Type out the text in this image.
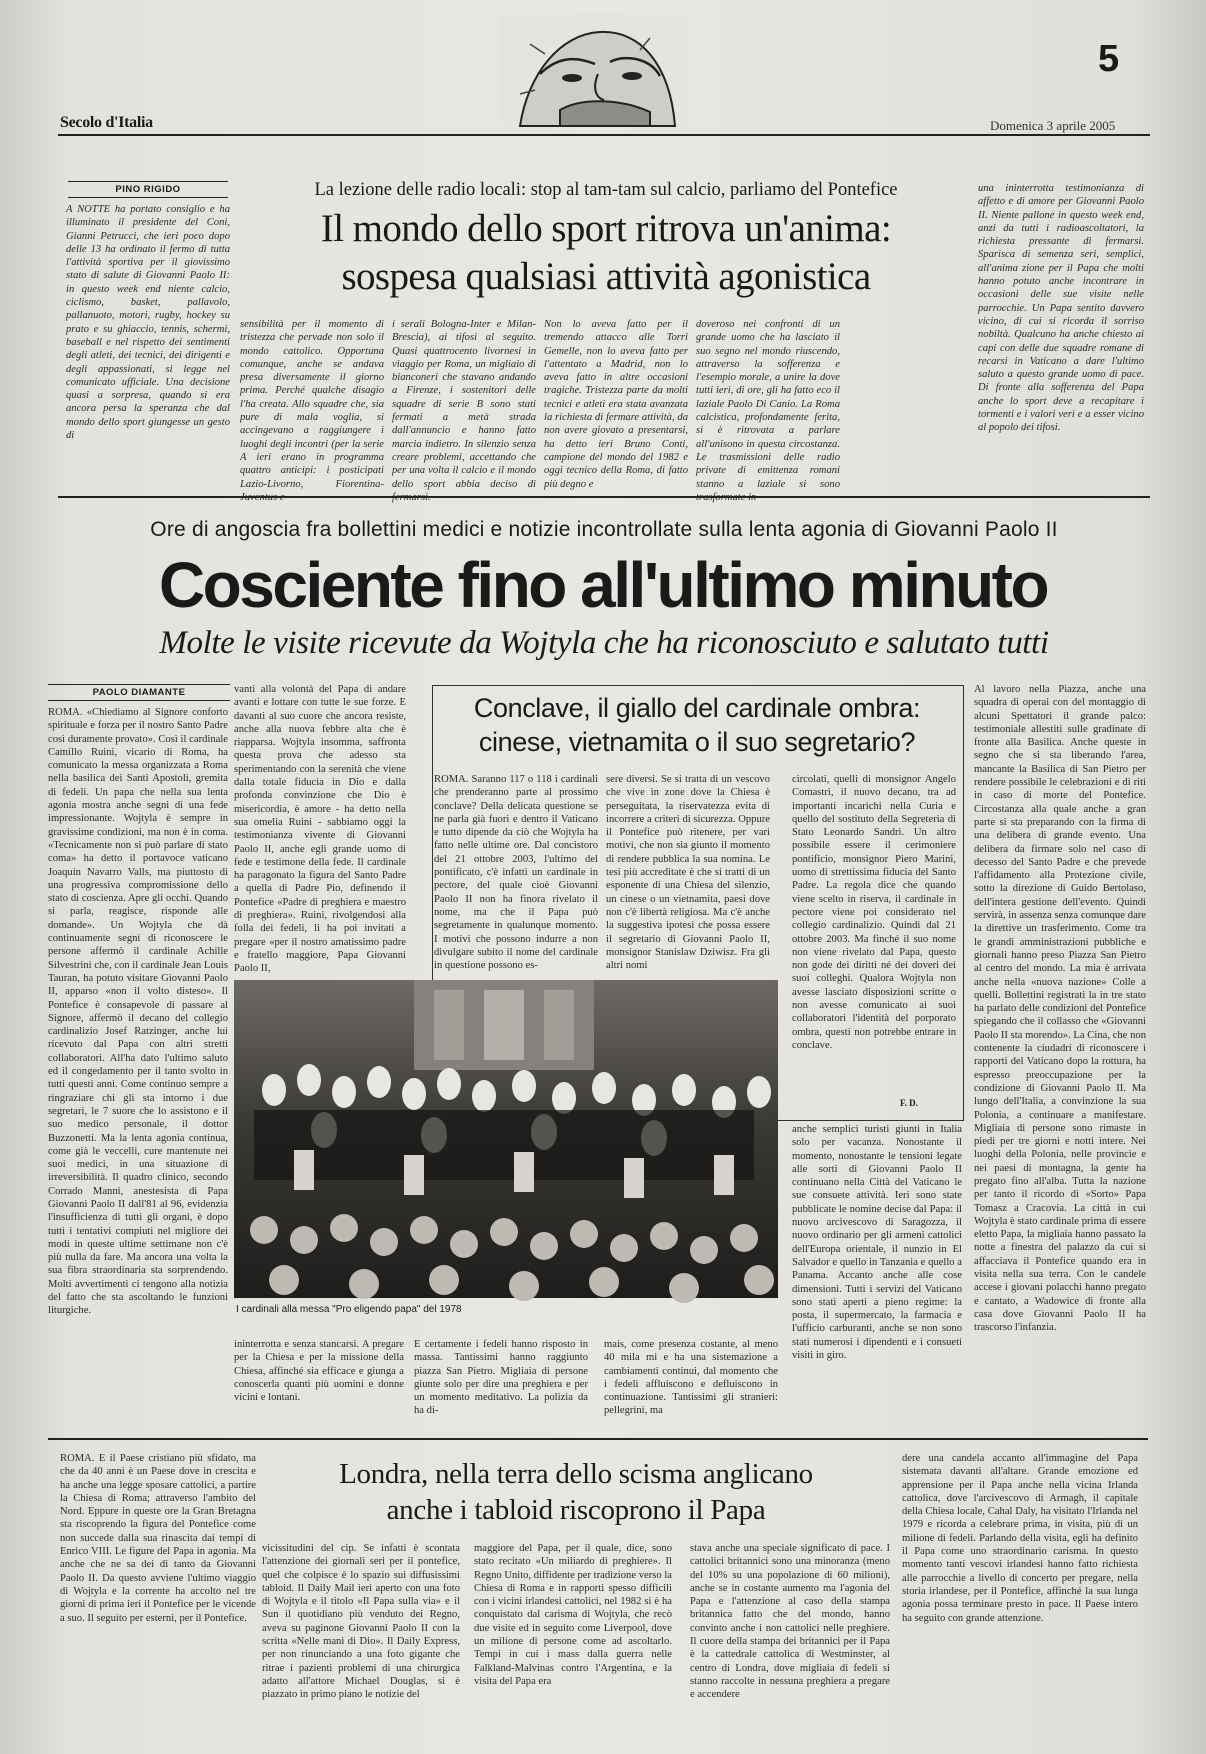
5
Secolo d'Italia	Domenica 3 aprile 2005
PINO RIGIDO
A NOTTE ha portato consiglio e ha illuminato il presidente del Coni, Gianni Petrucci, che ieri poco dopo delle 13 ha ordinato il fermo di tutta l'attività sportiva per il giovissimo stato di salute di Giovanni Paolo II: in questo week end niente calcio, ciclismo, basket, pallavolo, pallanuoto, motori, rugby, hockey su prato e su ghiaccio, tennis, schermi, baseball e nel rispetto dei sentimenti degli atleti, dei tecnici, dei dirigenti e degli appassionati, si legge nel comunicato ufficiale. Una decisione quasi a sorpresa, quando si era ancora persa la speranza che dal mondo dello sport giungesse un gesto di
La lezione delle radio locali: stop al tam-tam sul calcio, parliamo del Pontefice
Il mondo dello sport ritrova un'anima:
sospesa qualsiasi attività agonistica
sensibilità per il momento di tristezza che pervade non solo il mondo cattolico. Opportuna comunque, anche se andava presa diversamente il giorno prima. Perché qualche disagio l'ha creata. Allo squadre che, sia pure di mala voglia, si accingevano a raggiungere i luoghi degli incontri (per la serie A ieri erano in programma quattro anticipi: i posticipati Lazio-Livorno, Fiorentina-
i serali Bologna-Inter e Milan-Brescia), ai tifosi al seguito. Quasi quattrocento livornesi in viaggio per Roma, un migliaio di bianconeri che stavano andando a Firenze, i sostenitori delle squadre di serie B sono stati fermati a metà strada dall'annuncio e hanno fatto marcia indietro. In silenzio senza creare problemi, accettando che per una volta il calcio e il mondo dello sport abbia deciso di
Non lo aveva fatto per il tremendo attacco alle Torri Gemelle, non lo aveva fatto per l'attentato a Madrid, non lo aveva fatto in altre occasioni tragiche. Tristezza parte da molti tecnici e atleti era stata avanzata la richiesta di fermare attività, da non avere giovato a presentarsi, ha detto ieri Bruno Conti, campione del mondo del 1982 e oggi tecnico della Roma, di fatto più degno e
doveroso nei confronti di un grande uomo che ha lasciato il suo segno nel mondo riuscendo, attraverso la sofferenza e l'esempio morale, a unire la dove tutti ieri, di ore, gli ha fatto eco il laziale Paolo Di Canio. La Roma calcistica, profondamente ferita, si è ritrovata a parlare all'unisono in questa circostanza. Le trasmissioni delle radio private di emittenza romani stanno a laziale si sono
una ininterrotta testimonianza di affetto e di amore per Giovanni Paolo II. Niente pallone in questo week end, anzi da tutti i radioascoltatori, la richiesta pressante di fermarsi. Sparisca di semenza seri, semplici, all'anima zione per il Papa che molti hanno potuto anche incontrare in occasioni delle sue visite nelle parrocchie. Un Papa sentito davvero vicino, di cui si ricorda il sorriso nobiltà. Qualcuno ha anche chiesto ai capi con delle due squadre romane di recarsi in Vaticano a dare l'ultimo saluto a questo grande uomo di pace. Di fronte alla sofferenza del Papa anche lo sport deve a recapitare i tormenti e i valori veri e a esser vicino al popolo dei tifosi.
Ore di angoscia fra bollettini medici e notizie incontrollate sulla lenta agonia di Giovanni Paolo II
Cosciente fino all'ultimo minuto
Molte le visite ricevute da Wojtyla che ha riconosciuto e salutato tutti
PAOLO DIAMANTE
ROMA. «Chiediamo al Signore conforto spirituale e forza per il nostro Santo Padre così duramente provato». Così il cardinale Camillo Ruini, vicario di Roma, ha comunicato la messa organizzata a Roma nella basilica dei Santi Apostoli, gremita di fedeli. Un papa che nella sua lenta agonia mostra anche segni di una fede impressionante. Wojtyla è sempre in gravissime condizioni, ma non è in coma. «Tecnicamente non si può parlare di stato coma» ha detto il portavoce vaticano Joaquin Navarro Valls, ma piuttosto di una progressiva compromissione dello stato di coscienza. Apre gli occhi. Quando si parla, reagisce, risponde alle domande». Un Wojtyla che dà continuamente segni di riconoscere le persone affermò il cardinale Achille Silvestrini che, con il cardinale Jean Louis Tauran, ha potuto visitare Giovanni Paolo II, apparso «non il volto disteso». Il Pontefice è consapevole di passare al Signore, affermò il decano del collegio cardinalizio Josef Ratzinger, anche lui ricevuto dal Papa con altri stretti collaboratori. All'ha dato l'ultimo saluto ed il congedamento per il tanto svolto in tutti questi anni. Come continuo sempre a ringraziare chi gli sta intorno i due segretari, le 7 suore che lo assistono e il suo medico personale, il dottor Buzzonetti. Ma la lenta agonia continua, come già le veccelli, cure mantenute nei suoi medici, in una situazione di irreversibilità. Il quadro clinico, secondo Corrado Manni, anestesista di Papa Giovanni Paolo II dall'81 al 96, evidenzia l'insufficienza di tutti gli organi, è dopo tutti i tentativi compiuti nel migliore dei modi in queste ultime settimane non c'è più nulla da fare. Ma ancora una volta la sua fibra straordinaria sta sorprendendo. Molti avvertimenti ci tengono alla notizia del fatto che sta ascoltando le funzioni liturgiche.
vanti alla volontà del Papa di andare avanti e lottare con tutte le sue forze. E davanti al suo cuore che ancora resiste, anche alla nuova febbre alta che è riapparsa. Wojtyla insomma, saffronta questa prova che adesso sta sperimentando con la serenità che viene dalla totale fiducia in Dio e dalla profonda convinzione che Dio è misericordia, è amore - ha detto nella sua omelia Ruini - sabbiamo oggi la testimonianza vivente di Giovanni Paolo II, anche egli grande uomo di fede e testimone della fede. Il cardinale ha paragonato la figura del Santo Padre a quella di Padre Pio, definendo il Pontefice «Padre di preghiera e maestro di preghiera». Ruini, rivolgendosi alla folla dei fedeli, li ha poi invitati a pregare «per il nostro amatissimo padre e fratello maggiore, Papa Giovanni Paolo II,
Conclave, il giallo del cardinale ombra:
cinese, vietnamita o il suo segretario?
ROMA. Saranno 117 o 118 i cardinali che prenderanno parte al prossimo conclave? Della delicata questione se ne parla già fuori e dentro il Vaticano e tutto dipende da ciò che Wojtyla ha fatto nelle ultime ore. Dal concistoro del 21 ottobre 2003, l'ultimo del pontificato, c'è infatti un cardinale in pectore, del quale cioè Giovanni Paolo II non ha finora rivelato il nome, ma che il Papa può segretamente in qualunque momento. I motivi che possono indurre a non divulgare subito il nome del cardinale in questione possono es-
sere diversi. Se si tratta di un vescovo che vive in zone dove la Chiesa è perseguitata, la riservatezza evita di incorrere a criteri di sicurezza. Oppure il Pontefice può ritenere, per vari motivi, che non sia giunto il momento di rendere pubblica la sua nomina. Le tesi più accreditate è che si tratti di un esponente di una Chiesa del silenzio, un cinese o un vietnamita, paesi dove non c'è libertà religiosa. Ma c'è anche la suggestiva ipotesi che possa essere il segretario di Giovanni Paolo II, monsignor Stanislaw Dziwisz. Fra gli altri nomi
circolati, quelli di monsignor Angelo Comastri, il nuovo decano, tra ad importanti incarichi nella Curia e quello del sostituto della Segreteria di Stato Leonardo Sandri. Un altro possibile essere il cerimoniere pontificio, monsignor Piero Marini, uomo di strettissima fiducia del Santo Padre. La regola dice che quando viene scelto in riserva, il cardinale in pectore viene poi considerato nel collegio cardinalizio. Quindi dal 21 ottobre 2003. Ma finché il suo nome non viene rivelato dal Papa, questo non gode dei diritti né dei doveri dei suoi colleghi. Qualora Wojtyla non avesse lasciato disposizioni scritte o non avesse comunicato ai suoi collaboratori l'identità del porporato ombra, questi non potrebbe entrare in conclave.
F. D.
I cardinali alla messa "Pro eligendo papa" del 1978
anche semplici turisti giunti in Italia solo per vacanza. Nonostante il momento, nonostante le tensioni legate alle sorti di Giovanni Paolo II continuano nella Città del Vaticano le sue consuete attività. Ieri sono state pubblicate le nomine decise dal Papa: il nuovo arcivescovo di Saragozza, il nuovo ordinario per gli armeni cattolici dell'Europa orientale, il nunzio in El Salvador e quello in Tanzania e quello a Panama. Accanto anche alle cose dimensioni. Tutti i servizi del Vaticano sono stati aperti a pieno regime: la posta, il supermercato, la farmacia e l'ufficio carburanti, anche se non sono stati numerosi i dipendenti e i consueti visiti in giro.
Al lavoro nella Piazza, anche una squadra di operai con del montaggio di alcuni Spettatori il grande palco: testimoniale allestiti sulle gradinate di fronte alla Basilica. Anche queste in segno che si sta liberando l'area, mancante la Basilica di San Pietro per rendere possibile le celebrazioni e di riti in caso di morte del Pontefice. Circostanza alla quale anche a gran parte si sta preparando con la firma di una delibera di grande evento. Una delibera da firmare solo nel caso di decesso del Santo Padre e che prevede l'affidamento alla Protezione civile, sotto la direzione di Guido Bertolaso, dell'intera gestione dell'evento. Quindi servirà, in assenza senza comunque dare la direttive un trasferimento. Come tra le grandi amministrazioni pubbliche e giornali hanno preso Piazza San Pietro al centro del mondo. La mia è arrivata anche nella «nuova nazione» Colle a quelli. Bollettini registrati la in tre stato ha parlato delle condizioni del Pontefice spiegando che il collasso che «Giovanni Paolo II sta morendo». La Cina, che non contenente la ciudadrí di riconoscere i rapporti del Vaticano dopo la rottura, ha espresso preoccupazione per la condizione di Giovanni Paolo II. Ma lungo dell'Italia, a convinzione la sua Polonia, a continuare a manifestare. Migliaia di persone sono rimaste in piedi per tre giorni e notti intere. Nei luoghi della Polonia, nelle provincie e nei paesi di montagna, la gente ha pregato fino all'alba. Tutta la nazione per tanto il ricordo di «Sorto» Papa Tomasz a Cracovia. La città in cui Wojtyla è stato cardinale prima di essere eletto Papa, la migliaia hanno passato la notte a finestra del palazzo da cui si affacciava il Pontefice quando era in visita nella sua terra. Con le candele accese i giovani polacchi hanno pregato e cantato, a Wadowice di fronte alla casa dove Giovanni Paolo II ha trascorso l'infanzia.
ininterrotta e senza stancarsi. A pregare per la Chiesa e per la missione della Chiesa, affinché sia efficace e giunga a conoscerla quanti più uomini e donne vicini e lontani.
E certamente i fedeli hanno risposto in massa. Tantissimi hanno raggiunto piazza San Pietro. Migliaia di persone giunte solo per dire una preghiera e per un momento meditativo. La polizia da ha di-
mais, come presenza costante, al meno 40 mila mi e ha una sistemazione a cambiamenti continui, dal momento che i fedeli affluiscono e defluiscono in continuazione. Tantissimi gli stranieri: pellegrini, ma
ROMA. E il Paese cristiano più sfidato, ma che da 40 anni è un Paese dove in crescita e ha anche una legge sposare cattolici, a partire la Chiesa di Roma; attraverso l'ambito del Nord. Eppure in queste ore la Gran Bretagna sta riscoprendo la figura del Pontefice come non succede dalla sua rinascita dai tempi di Enrico VIII. Le figure del Papa in agonia. Ma anche che ne sa dei di tanto da Giovanni Paolo II. Da questo avviene l'ultimo viaggio di Wojtyla e la corrente ha accolto nel tre giorni di prima ieri il Pontefice per le vicende a suo. Il seguito per esterni, per il Pontefice.
Londra, nella terra dello scisma anglicano
anche i tabloid riscoprono il Papa
vicissitudini del cip. Se infatti è scontata l'attenzione dei giornali seri per il pontefice, quel che colpisce è lo spazio sui diffusissimi tabloid. Il Daily Mail ieri aperto con una foto di Wojtyla e il titolo «Il Papa sulla via» e il Sun il quotidiano più venduto dei Regno, aveva su paginone Giovanni Paolo II con la scritta «Nelle mani di Dio». Il Daily Express, per non rinunciando a una foto gigante che ritrae i pazienti problemi di una chirurgica adatto all'attore Michael Douglas, si è piazzato in primo piano le notizie del
maggiore del Papa, per il quale, dice, sono stato recitato «Un miliardo di preghiere». Il Regno Unito, diffidente per tradizione verso la Chiesa di Roma e in rapporti spesso difficili con i vicini irlandesi cattolici, nel 1982 si è ha conquistato dal carisma di Wojtyla, che recò due visite ed in seguito come Liverpool, dove un milione di persone come ad ascoltarlo. Tempi in cui i mass dalla guerra nelle Falkland-Malvinas contro l'Argentina, e la visita del Papa era
stava anche una speciale significato di pace. I cattolici britannici sono una minoranza (meno del 10% su una popolazione di 60 milioni), anche se in costante aumento ma l'agonia del Papa e l'attenzione al caso della stampa britannica fatto che del mondo, hanno convinto anche i non cattolici nelle preghiere. Il cuore della stampa dei britannici per il Papa è la cattedrale cattolica di Westminster, al centro di Londra, dove migliaia di fedeli si stanno raccolte in nessuna preghiera a pregare e accendere
dere una candela accanto all'immagine del Papa sistemata davanti all'altare. Grande emozione ed apprensione per il Papa anche nella vicina Irlanda cattolica, dove l'arcivescovo di Armagh, il capitale della Chiesa locale, Cahal Daly, ha visitato l'Irlanda nel 1979 e ricorda a celebrare prima, in visita, più di un milione di fedeli. Parlando della visita, egli ha definito il Papa come uno straordinario carisma. In questo momento tanti vescovi irlandesi hanno fatto richiesta alle parrocchie a livello di concerto per pregare, nella storia irlandese, per il Pontefice, affinché la sua lunga agonia possa terminare presto in pace. Il Paese intero ha seguito con grande attenzione.
